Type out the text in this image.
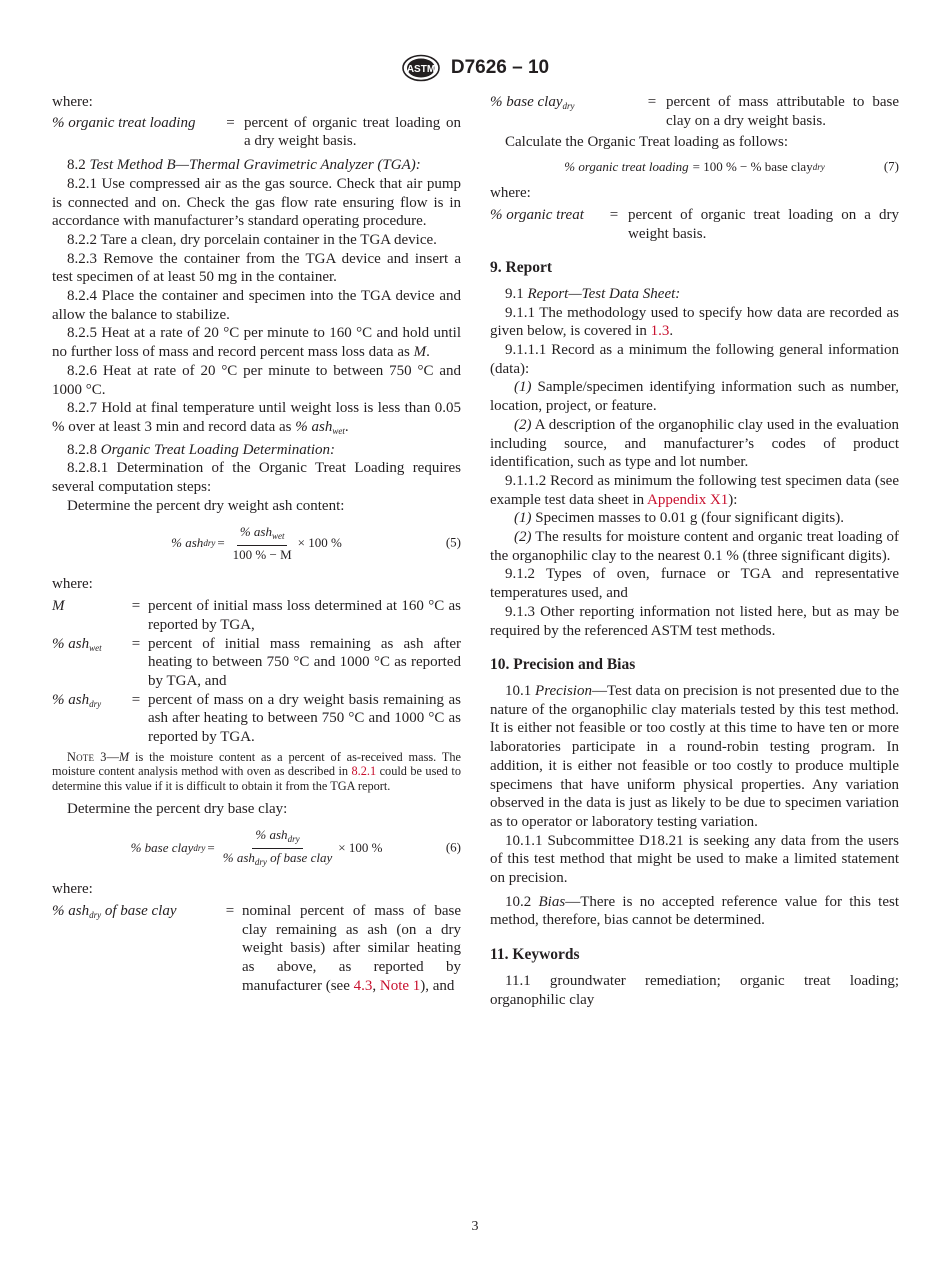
ASTM D7626 – 10

where:

% organic treat loading	= percent of organic treat loading on a dry weight basis.

8.2 Test Method B—Thermal Gravimetric Analyzer (TGA):

8.2.1 Use compressed air as the gas source. Check that air pump is connected and on. Check the gas flow rate ensuring flow is in accordance with manufacturer’s standard operating procedure.

8.2.2 Tare a clean, dry porcelain container in the TGA device.

8.2.3 Remove the container from the TGA device and insert a test specimen of at least 50 mg in the container.

8.2.4 Place the container and specimen into the TGA device and allow the balance to stabilize.

8.2.5 Heat at a rate of 20 °C per minute to 160 °C and hold until no further loss of mass and record percent mass loss data as M.

8.2.6 Heat at rate of 20 °C per minute to between 750 °C and 1000 °C.

8.2.7 Hold at final temperature until weight loss is less than 0.05 % over at least 3 min and record data as % ash$_{wet}$.

8.2.8 Organic Treat Loading Determination:

8.2.8.1 Determination of the Organic Treat Loading requires several computation steps:

Determine the percent dry weight ash content:

% ash dry = $\frac{\% ash_{wet}}{100 \% - M} \times 100$ %	(5)

where:

M	= percent of initial mass loss determined at 160 °C as reported by TGA,
% ash$_{wet}$	= percent of initial mass remaining as ash after heating to between 750 °C and 1000 °C as reported by TGA, and
% ash$_{dry}$	= percent of mass on a dry weight basis remaining as ash after heating to between 750 °C and 1000 °C as reported by TGA.

Note 3—M is the moisture content as a percent of as-received mass. The moisture content analysis method with oven as described in 8.2.1 could be used to determine this value if it is difficult to obtain it from the TGA report.

Determine the percent dry base clay:

% base clay dry = $\frac{\% ash_{dry}}{\% ash_{dry} of base clay} \times 100$ %	(6)

where:

% ash$_{dry}$ of base clay	= nominal percent of mass of base clay remaining as ash (on a dry weight basis) after similar heating as above, as reported by manufacturer (see 4.3, Note 1), and
% base clay$_{dry}$	= percent of mass attributable to base clay on a dry weight basis.

Calculate the Organic Treat loading as follows:

% organic treat loading = 100 % − % base clay dry	(7)

where:

% organic treat	= percent of organic treat loading on a dry weight basis.

9. Report

9.1 Report—Test Data Sheet:

9.1.1 The methodology used to specify how data are recorded as given below, is covered in 1.3.

9.1.1.1 Record as a minimum the following general information (data):

(1) Sample/specimen identifying information such as number, location, project, or feature.

(2) A description of the organophilic clay used in the evaluation including source, and manufacturer’s codes of product identification, such as type and lot number.

9.1.1.2 Record as minimum the following test specimen data (see example test data sheet in Appendix X1):

(1) Specimen masses to 0.01 g (four significant digits).

(2) The results for moisture content and organic treat loading of the organophilic clay to the nearest 0.1 % (three significant digits).

9.1.2 Types of oven, furnace or TGA and representative temperatures used, and

9.1.3 Other reporting information not listed here, but as may be required by the referenced ASTM test methods.

10. Precision and Bias

10.1 Precision—Test data on precision is not presented due to the nature of the organophilic clay materials tested by this test method. It is either not feasible or too costly at this time to have ten or more laboratories participate in a round-robin testing program. In addition, it is either not feasible or too costly to produce multiple specimens that have uniform physical properties. Any variation observed in the data is just as likely to be due to specimen variation as to operator or laboratory testing variation.

10.1.1 Subcommittee D18.21 is seeking any data from the users of this test method that might be used to make a limited statement on precision.

10.2 Bias—There is no accepted reference value for this test method, therefore, bias cannot be determined.

11. Keywords

11.1 groundwater remediation; organic treat loading; organophilic clay

3
